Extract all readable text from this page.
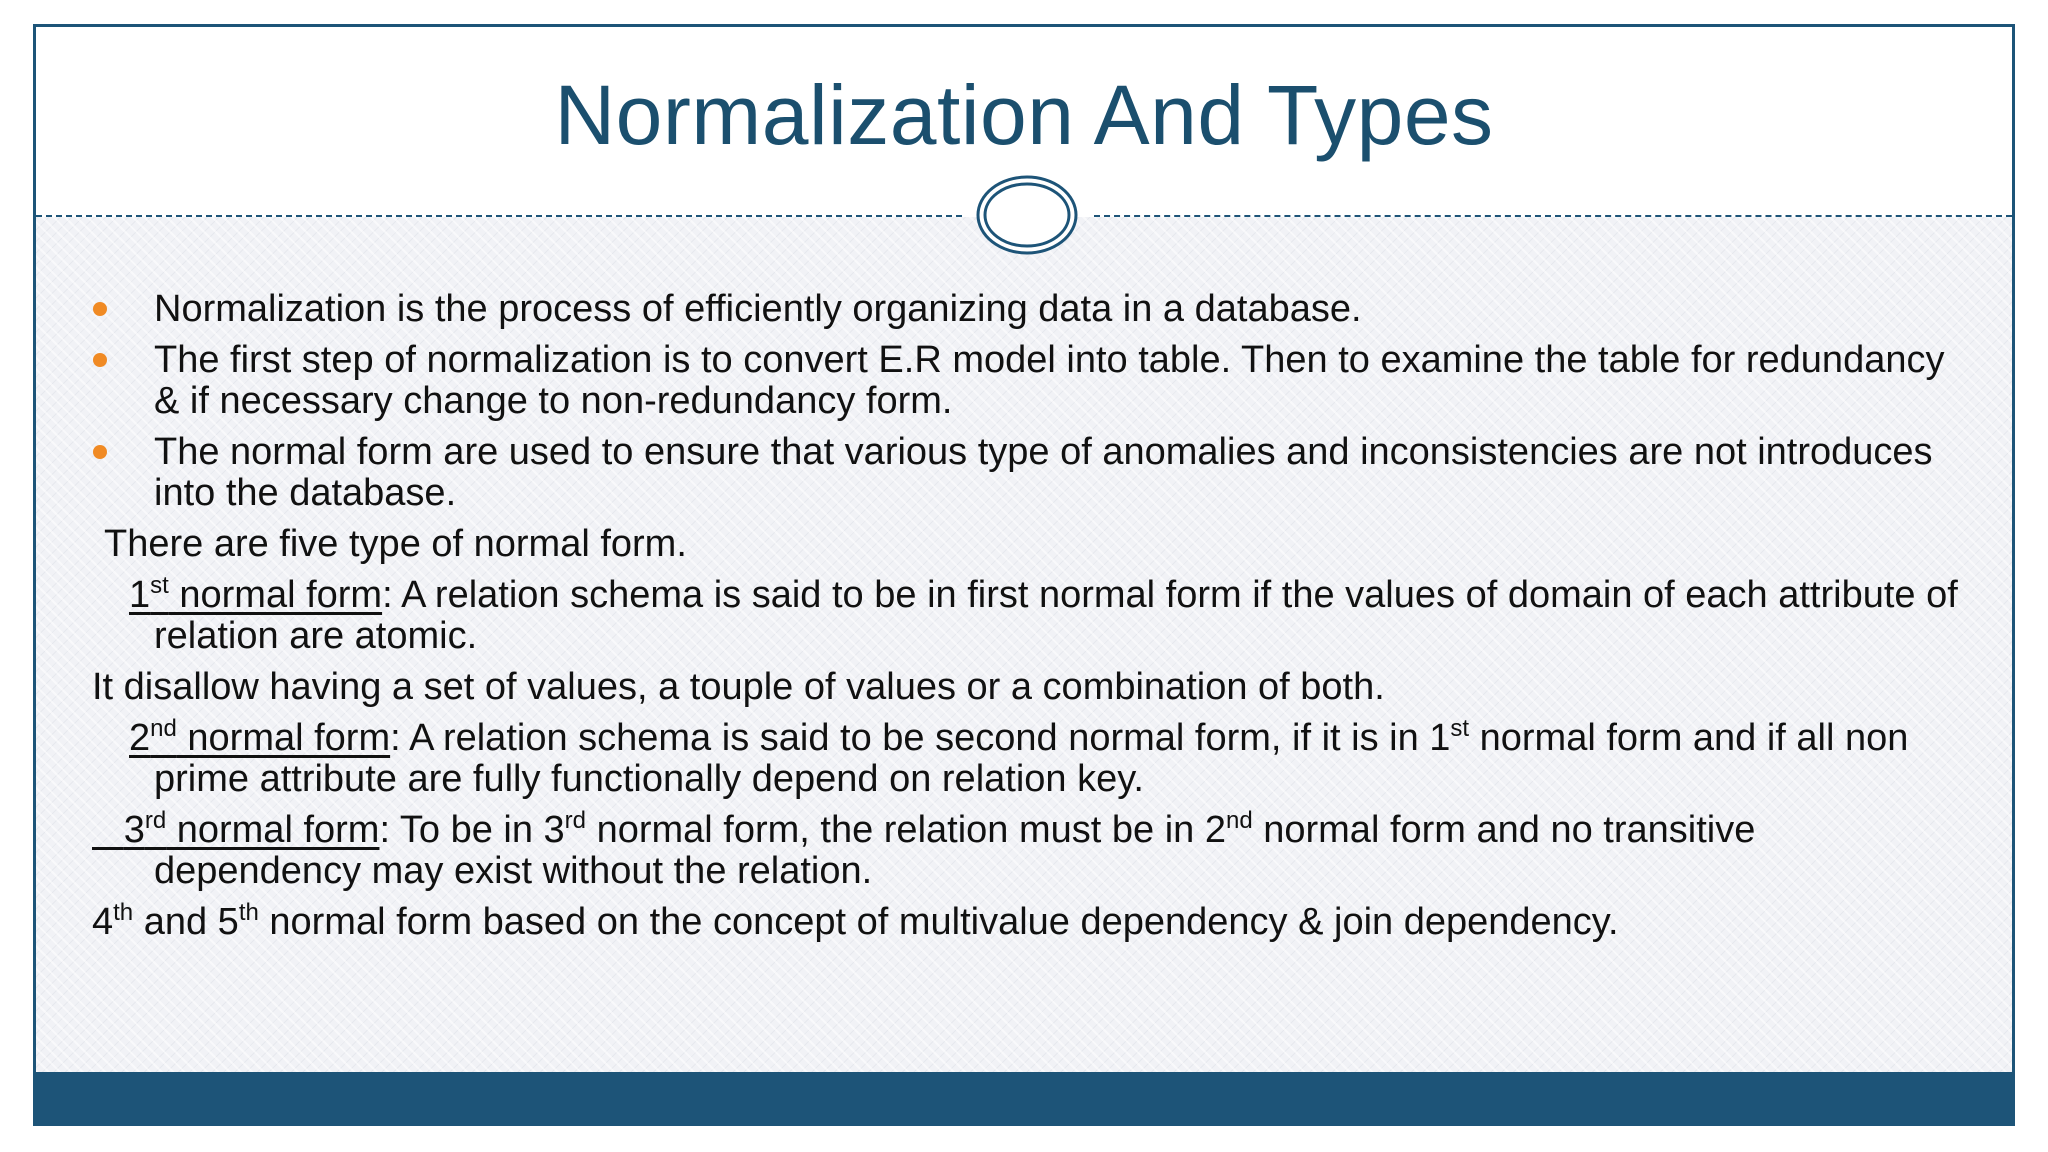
Normalization And Types
Normalization is the process of efficiently organizing data in a database.
The first step of normalization is to convert E.R model into table. Then to examine the table for redundancy & if necessary change to non-redundancy form.
The normal form are used to ensure that various type of anomalies and inconsistencies are not introduces into the database.
There are five type of normal form.
1st normal form: A relation schema is said to be in first normal form if the values of domain of each attribute of relation are atomic.
It disallow having a set of values, a touple of values or a combination of both.
2nd normal form: A relation schema is said to be second normal form, if it is in 1st normal form and if all non prime attribute are fully functionally depend on relation key.
3rd normal form: To be in 3rd normal form, the relation must be in 2nd normal form and no transitive dependency may exist without the relation.
4th and 5th normal form based on the concept of multivalue dependency & join dependency.
